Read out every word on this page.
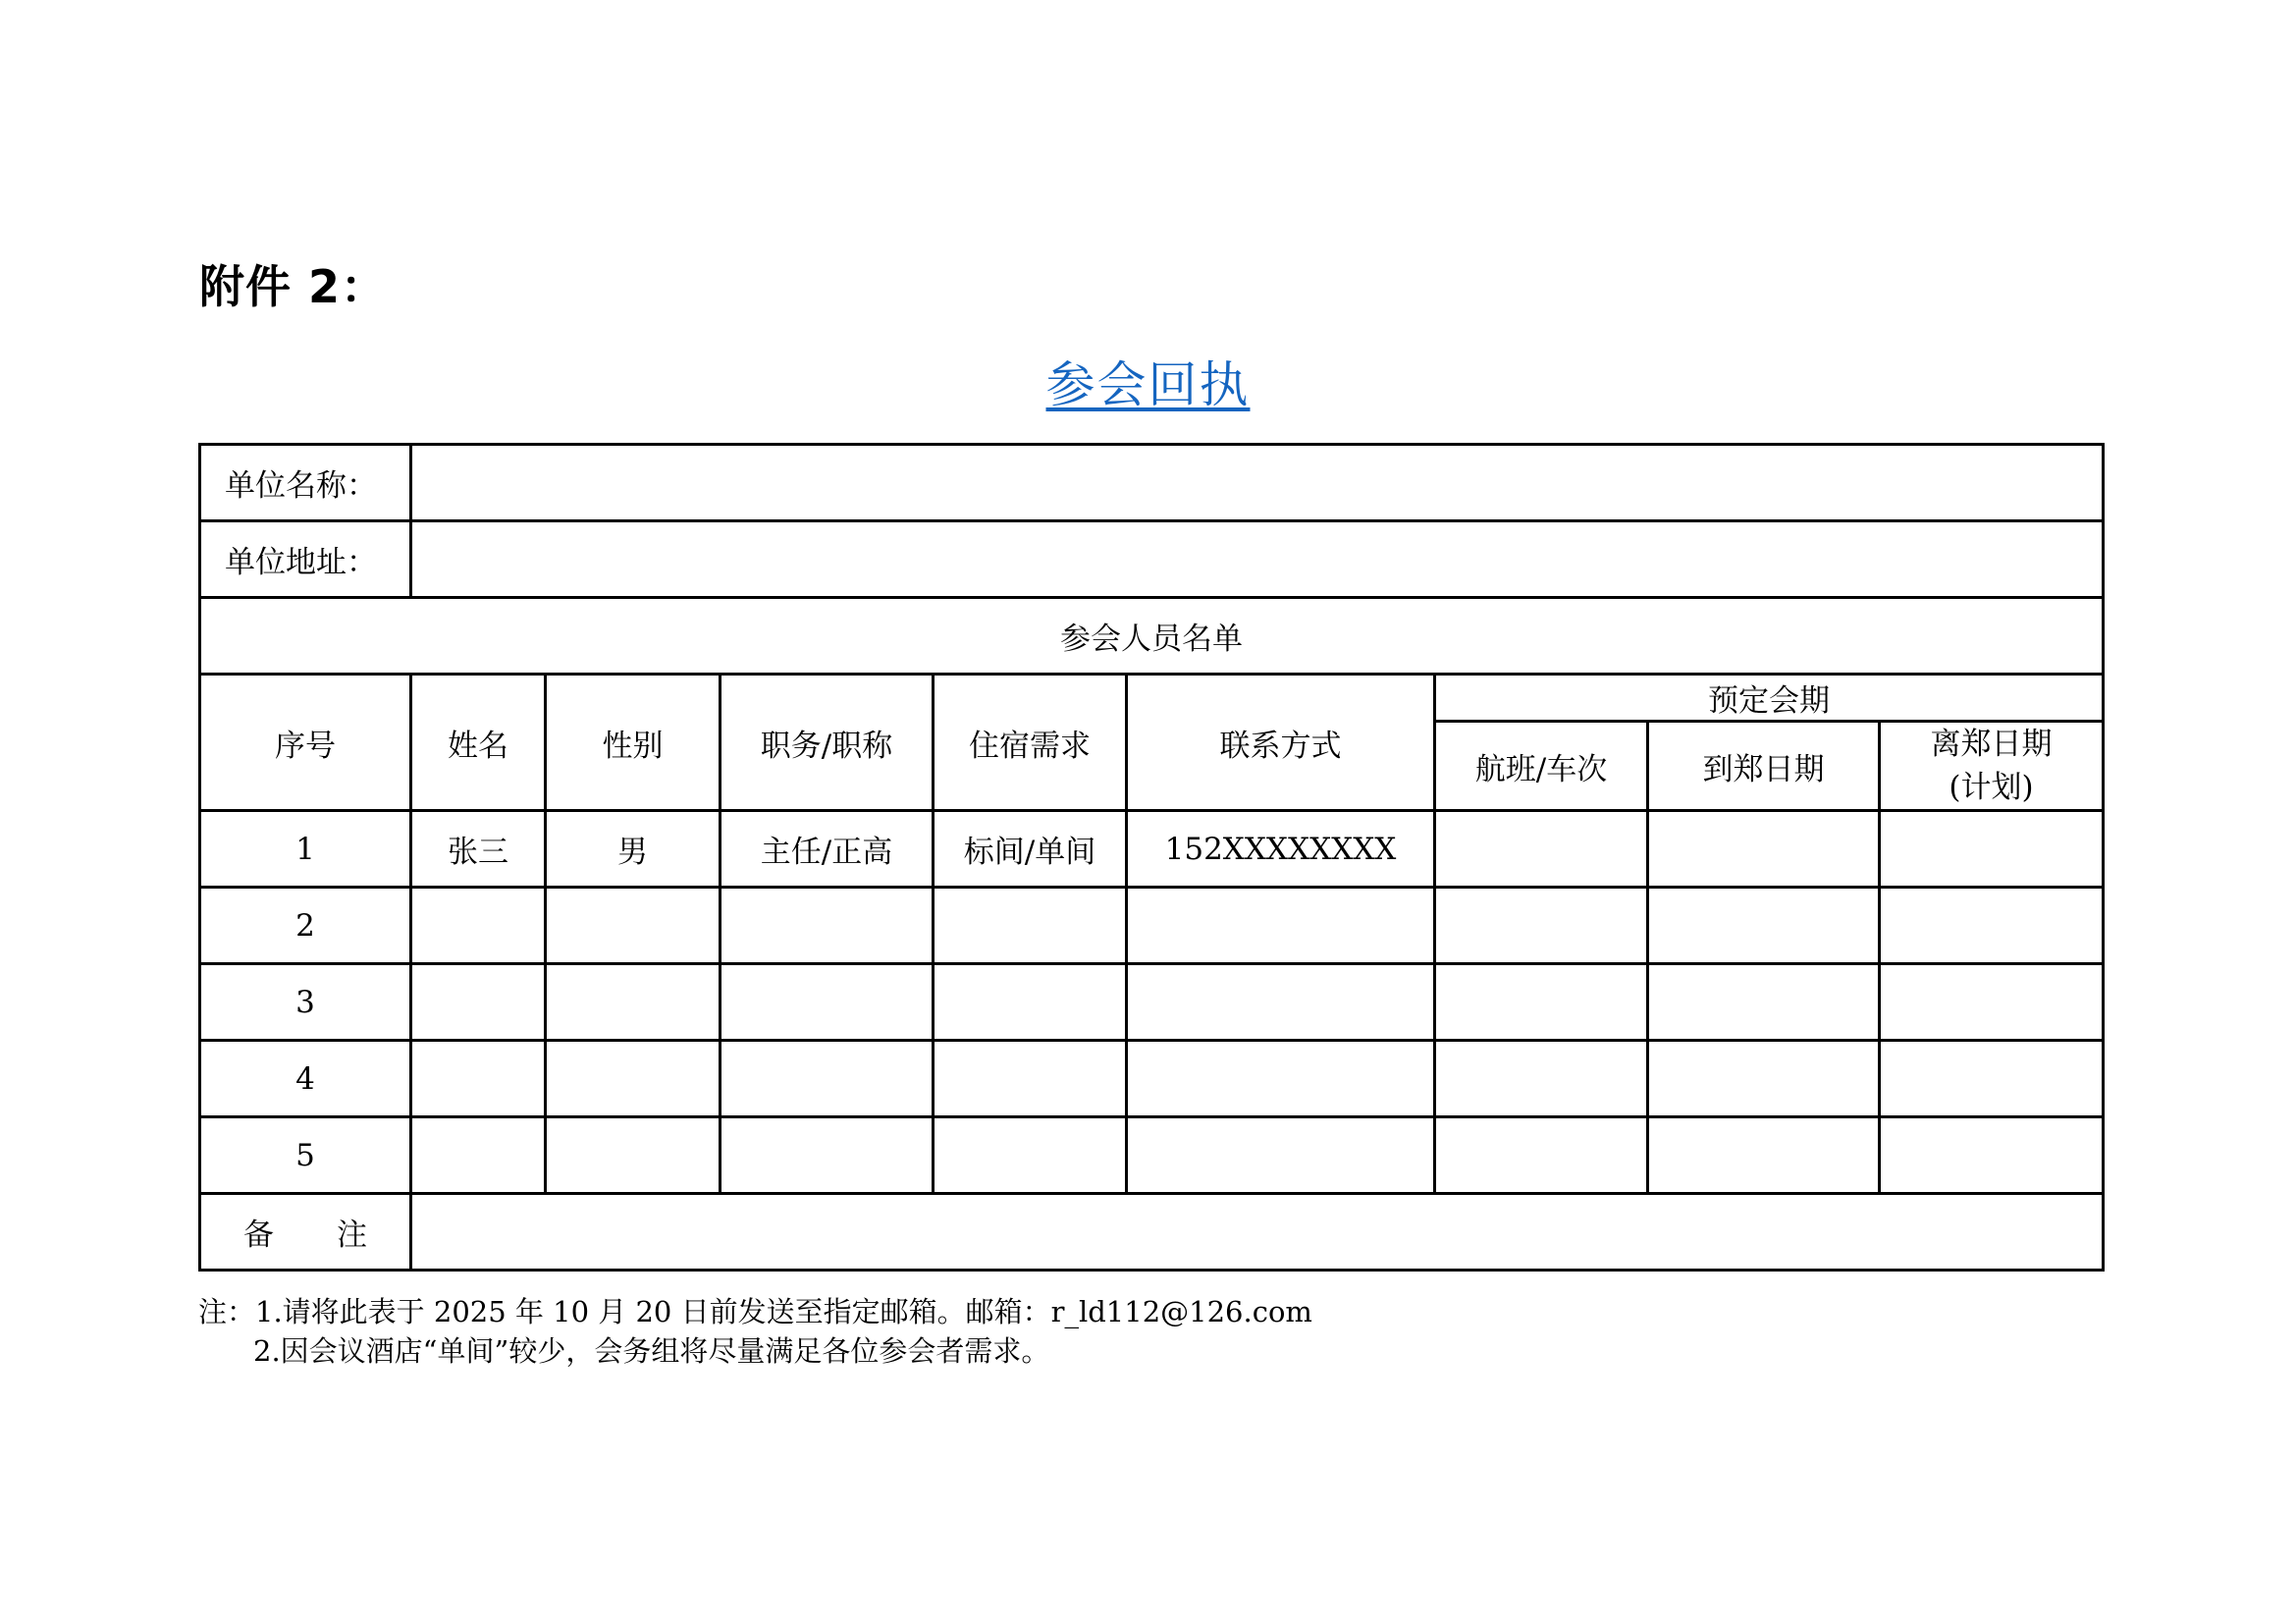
附件 2：
参会回执
单位名称：								
单位地址：								
参会人员名单								
序号	姓名	性别	职务/职称	住宿需求	联系方式	预定会期		
						航班/车次	到郑日期	离郑日期
(计划)

1	张三	男	主任/正高	标间/单间	152XXXXXXXX			
2								
3								
4								
5								
备 注								
注：1.请将此表于 2025 年 10 月 20 日前发送至指定邮箱。邮箱：r_ld112@126.com
2.因会议酒店“单间”较少，会务组将尽量满足各位参会者需求。
